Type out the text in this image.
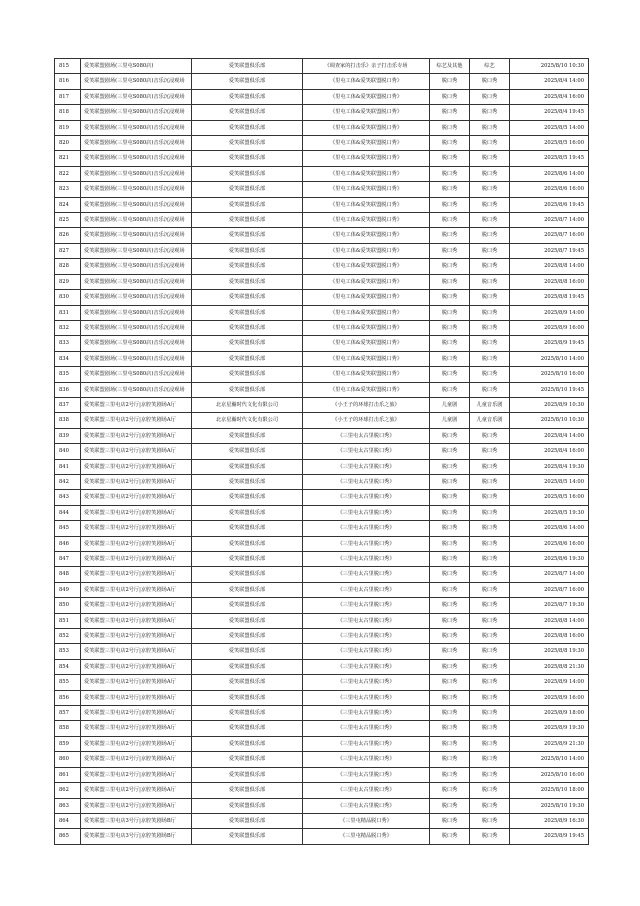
815	爱笑联盟剧场(三里屯S080店)	爱笑联盟俱乐部	《调查家的打击乐》亲子打击乐专场	综艺及其他	综艺	2025/8/10 10:30
816	爱笑联盟剧场(三里屯S080店)音乐沉浸观场	爱笑联盟俱乐部	《里屯工体&爱笑联盟脱口秀》	脱口秀	脱口秀	2025/8/4 14:00
817	爱笑联盟剧场(三里屯S080店)音乐沉浸观场	爱笑联盟俱乐部	《里屯工体&爱笑联盟脱口秀》	脱口秀	脱口秀	2025/8/4 16:00
818	爱笑联盟剧场(三里屯S080店)音乐沉浸观场	爱笑联盟俱乐部	《里屯工体&爱笑联盟脱口秀》	脱口秀	脱口秀	2025/8/4 19:45
819	爱笑联盟剧场(三里屯S080店)音乐沉浸观场	爱笑联盟俱乐部	《里屯工体&爱笑联盟脱口秀》	脱口秀	脱口秀	2025/8/5 14:00
820	爱笑联盟剧场(三里屯S080店)音乐沉浸观场	爱笑联盟俱乐部	《里屯工体&爱笑联盟脱口秀》	脱口秀	脱口秀	2025/8/5 16:00
821	爱笑联盟剧场(三里屯S080店)音乐沉浸观场	爱笑联盟俱乐部	《里屯工体&爱笑联盟脱口秀》	脱口秀	脱口秀	2025/8/5 19:45
822	爱笑联盟剧场(三里屯S080店)音乐沉浸观场	爱笑联盟俱乐部	《里屯工体&爱笑联盟脱口秀》	脱口秀	脱口秀	2025/8/6 14:00
823	爱笑联盟剧场(三里屯S080店)音乐沉浸观场	爱笑联盟俱乐部	《里屯工体&爱笑联盟脱口秀》	脱口秀	脱口秀	2025/8/6 16:00
824	爱笑联盟剧场(三里屯S080店)音乐沉浸观场	爱笑联盟俱乐部	《里屯工体&爱笑联盟脱口秀》	脱口秀	脱口秀	2025/8/6 19:45
825	爱笑联盟剧场(三里屯S080店)音乐沉浸观场	爱笑联盟俱乐部	《里屯工体&爱笑联盟脱口秀》	脱口秀	脱口秀	2025/8/7 14:00
826	爱笑联盟剧场(三里屯S080店)音乐沉浸观场	爱笑联盟俱乐部	《里屯工体&爱笑联盟脱口秀》	脱口秀	脱口秀	2025/8/7 16:00
827	爱笑联盟剧场(三里屯S080店)音乐沉浸观场	爱笑联盟俱乐部	《里屯工体&爱笑联盟脱口秀》	脱口秀	脱口秀	2025/8/7 19:45
828	爱笑联盟剧场(三里屯S080店)音乐沉浸观场	爱笑联盟俱乐部	《里屯工体&爱笑联盟脱口秀》	脱口秀	脱口秀	2025/8/8 14:00
829	爱笑联盟剧场(三里屯S080店)音乐沉浸观场	爱笑联盟俱乐部	《里屯工体&爱笑联盟脱口秀》	脱口秀	脱口秀	2025/8/8 16:00
830	爱笑联盟剧场(三里屯S080店)音乐沉浸观场	爱笑联盟俱乐部	《里屯工体&爱笑联盟脱口秀》	脱口秀	脱口秀	2025/8/8 19:45
831	爱笑联盟剧场(三里屯S080店)音乐沉浸观场	爱笑联盟俱乐部	《里屯工体&爱笑联盟脱口秀》	脱口秀	脱口秀	2025/8/9 14:00
832	爱笑联盟剧场(三里屯S080店)音乐沉浸观场	爱笑联盟俱乐部	《里屯工体&爱笑联盟脱口秀》	脱口秀	脱口秀	2025/8/9 16:00
833	爱笑联盟剧场(三里屯S080店)音乐沉浸观场	爱笑联盟俱乐部	《里屯工体&爱笑联盟脱口秀》	脱口秀	脱口秀	2025/8/9 19:45
834	爱笑联盟剧场(三里屯S080店)音乐沉浸观场	爱笑联盟俱乐部	《里屯工体&爱笑联盟脱口秀》	脱口秀	脱口秀	2025/8/10 14:00
835	爱笑联盟剧场(三里屯S080店)音乐沉浸观场	爱笑联盟俱乐部	《里屯工体&爱笑联盟脱口秀》	脱口秀	脱口秀	2025/8/10 16:00
836	爱笑联盟剧场(三里屯S080店)音乐沉浸观场	爱笑联盟俱乐部	《里屯工体&爱笑联盟脱口秀》	脱口秀	脱口秀	2025/8/10 19:45
837	爱笑联盟三里屯店2号厅|京腔笑剧场A厅	北京星瀚时代文化有限公司	《小王子的环球打击乐之旅》	儿童剧	儿童音乐剧	2025/8/9 10:30
838	爱笑联盟三里屯店2号厅|京腔笑剧场A厅	北京星瀚时代文化有限公司	《小王子的环球打击乐之旅》	儿童剧	儿童音乐剧	2025/8/10 10:30
839	爱笑联盟三里屯店2号厅|京腔笑剧场A厅	爱笑联盟俱乐部	《三里屯太古里脱口秀》	脱口秀	脱口秀	2025/8/4 14:00
840	爱笑联盟三里屯店2号厅|京腔笑剧场A厅	爱笑联盟俱乐部	《三里屯太古里脱口秀》	脱口秀	脱口秀	2025/8/4 16:00
841	爱笑联盟三里屯店2号厅|京腔笑剧场A厅	爱笑联盟俱乐部	《三里屯太古里脱口秀》	脱口秀	脱口秀	2025/8/4 19:30
842	爱笑联盟三里屯店2号厅|京腔笑剧场A厅	爱笑联盟俱乐部	《三里屯太古里脱口秀》	脱口秀	脱口秀	2025/8/5 14:00
843	爱笑联盟三里屯店2号厅|京腔笑剧场A厅	爱笑联盟俱乐部	《三里屯太古里脱口秀》	脱口秀	脱口秀	2025/8/5 16:00
844	爱笑联盟三里屯店2号厅|京腔笑剧场A厅	爱笑联盟俱乐部	《三里屯太古里脱口秀》	脱口秀	脱口秀	2025/8/5 19:30
845	爱笑联盟三里屯店2号厅|京腔笑剧场A厅	爱笑联盟俱乐部	《三里屯太古里脱口秀》	脱口秀	脱口秀	2025/8/6 14:00
846	爱笑联盟三里屯店2号厅|京腔笑剧场A厅	爱笑联盟俱乐部	《三里屯太古里脱口秀》	脱口秀	脱口秀	2025/8/6 16:00
847	爱笑联盟三里屯店2号厅|京腔笑剧场A厅	爱笑联盟俱乐部	《三里屯太古里脱口秀》	脱口秀	脱口秀	2025/8/6 19:30
848	爱笑联盟三里屯店2号厅|京腔笑剧场A厅	爱笑联盟俱乐部	《三里屯太古里脱口秀》	脱口秀	脱口秀	2025/8/7 14:00
849	爱笑联盟三里屯店2号厅|京腔笑剧场A厅	爱笑联盟俱乐部	《三里屯太古里脱口秀》	脱口秀	脱口秀	2025/8/7 16:00
850	爱笑联盟三里屯店2号厅|京腔笑剧场A厅	爱笑联盟俱乐部	《三里屯太古里脱口秀》	脱口秀	脱口秀	2025/8/7 19:30
851	爱笑联盟三里屯店2号厅|京腔笑剧场A厅	爱笑联盟俱乐部	《三里屯太古里脱口秀》	脱口秀	脱口秀	2025/8/8 14:00
852	爱笑联盟三里屯店2号厅|京腔笑剧场A厅	爱笑联盟俱乐部	《三里屯太古里脱口秀》	脱口秀	脱口秀	2025/8/8 16:00
853	爱笑联盟三里屯店2号厅|京腔笑剧场A厅	爱笑联盟俱乐部	《三里屯太古里脱口秀》	脱口秀	脱口秀	2025/8/8 19:30
854	爱笑联盟三里屯店2号厅|京腔笑剧场A厅	爱笑联盟俱乐部	《三里屯太古里脱口秀》	脱口秀	脱口秀	2025/8/8 21:30
855	爱笑联盟三里屯店2号厅|京腔笑剧场A厅	爱笑联盟俱乐部	《三里屯太古里脱口秀》	脱口秀	脱口秀	2025/8/9 14:00
856	爱笑联盟三里屯店2号厅|京腔笑剧场A厅	爱笑联盟俱乐部	《三里屯太古里脱口秀》	脱口秀	脱口秀	2025/8/9 16:00
857	爱笑联盟三里屯店2号厅|京腔笑剧场A厅	爱笑联盟俱乐部	《三里屯太古里脱口秀》	脱口秀	脱口秀	2025/8/9 18:00
858	爱笑联盟三里屯店2号厅|京腔笑剧场A厅	爱笑联盟俱乐部	《三里屯太古里脱口秀》	脱口秀	脱口秀	2025/8/9 19:30
859	爱笑联盟三里屯店2号厅|京腔笑剧场A厅	爱笑联盟俱乐部	《三里屯太古里脱口秀》	脱口秀	脱口秀	2025/8/9 21:30
860	爱笑联盟三里屯店2号厅|京腔笑剧场A厅	爱笑联盟俱乐部	《三里屯太古里脱口秀》	脱口秀	脱口秀	2025/8/10 14:00
861	爱笑联盟三里屯店2号厅|京腔笑剧场A厅	爱笑联盟俱乐部	《三里屯太古里脱口秀》	脱口秀	脱口秀	2025/8/10 16:00
862	爱笑联盟三里屯店2号厅|京腔笑剧场A厅	爱笑联盟俱乐部	《三里屯太古里脱口秀》	脱口秀	脱口秀	2025/8/10 18:00
863	爱笑联盟三里屯店2号厅|京腔笑剧场A厅	爱笑联盟俱乐部	《三里屯太古里脱口秀》	脱口秀	脱口秀	2025/8/10 19:30
864	爱笑联盟三里屯店3号厅|京腔笑剧场B厅	爱笑联盟俱乐部	《三里屯精品脱口秀》	脱口秀	脱口秀	2025/8/9 16:30
865	爱笑联盟三里屯店3号厅|京腔笑剧场B厅	爱笑联盟俱乐部	《三里屯精品脱口秀》	脱口秀	脱口秀	2025/8/9 19:45
